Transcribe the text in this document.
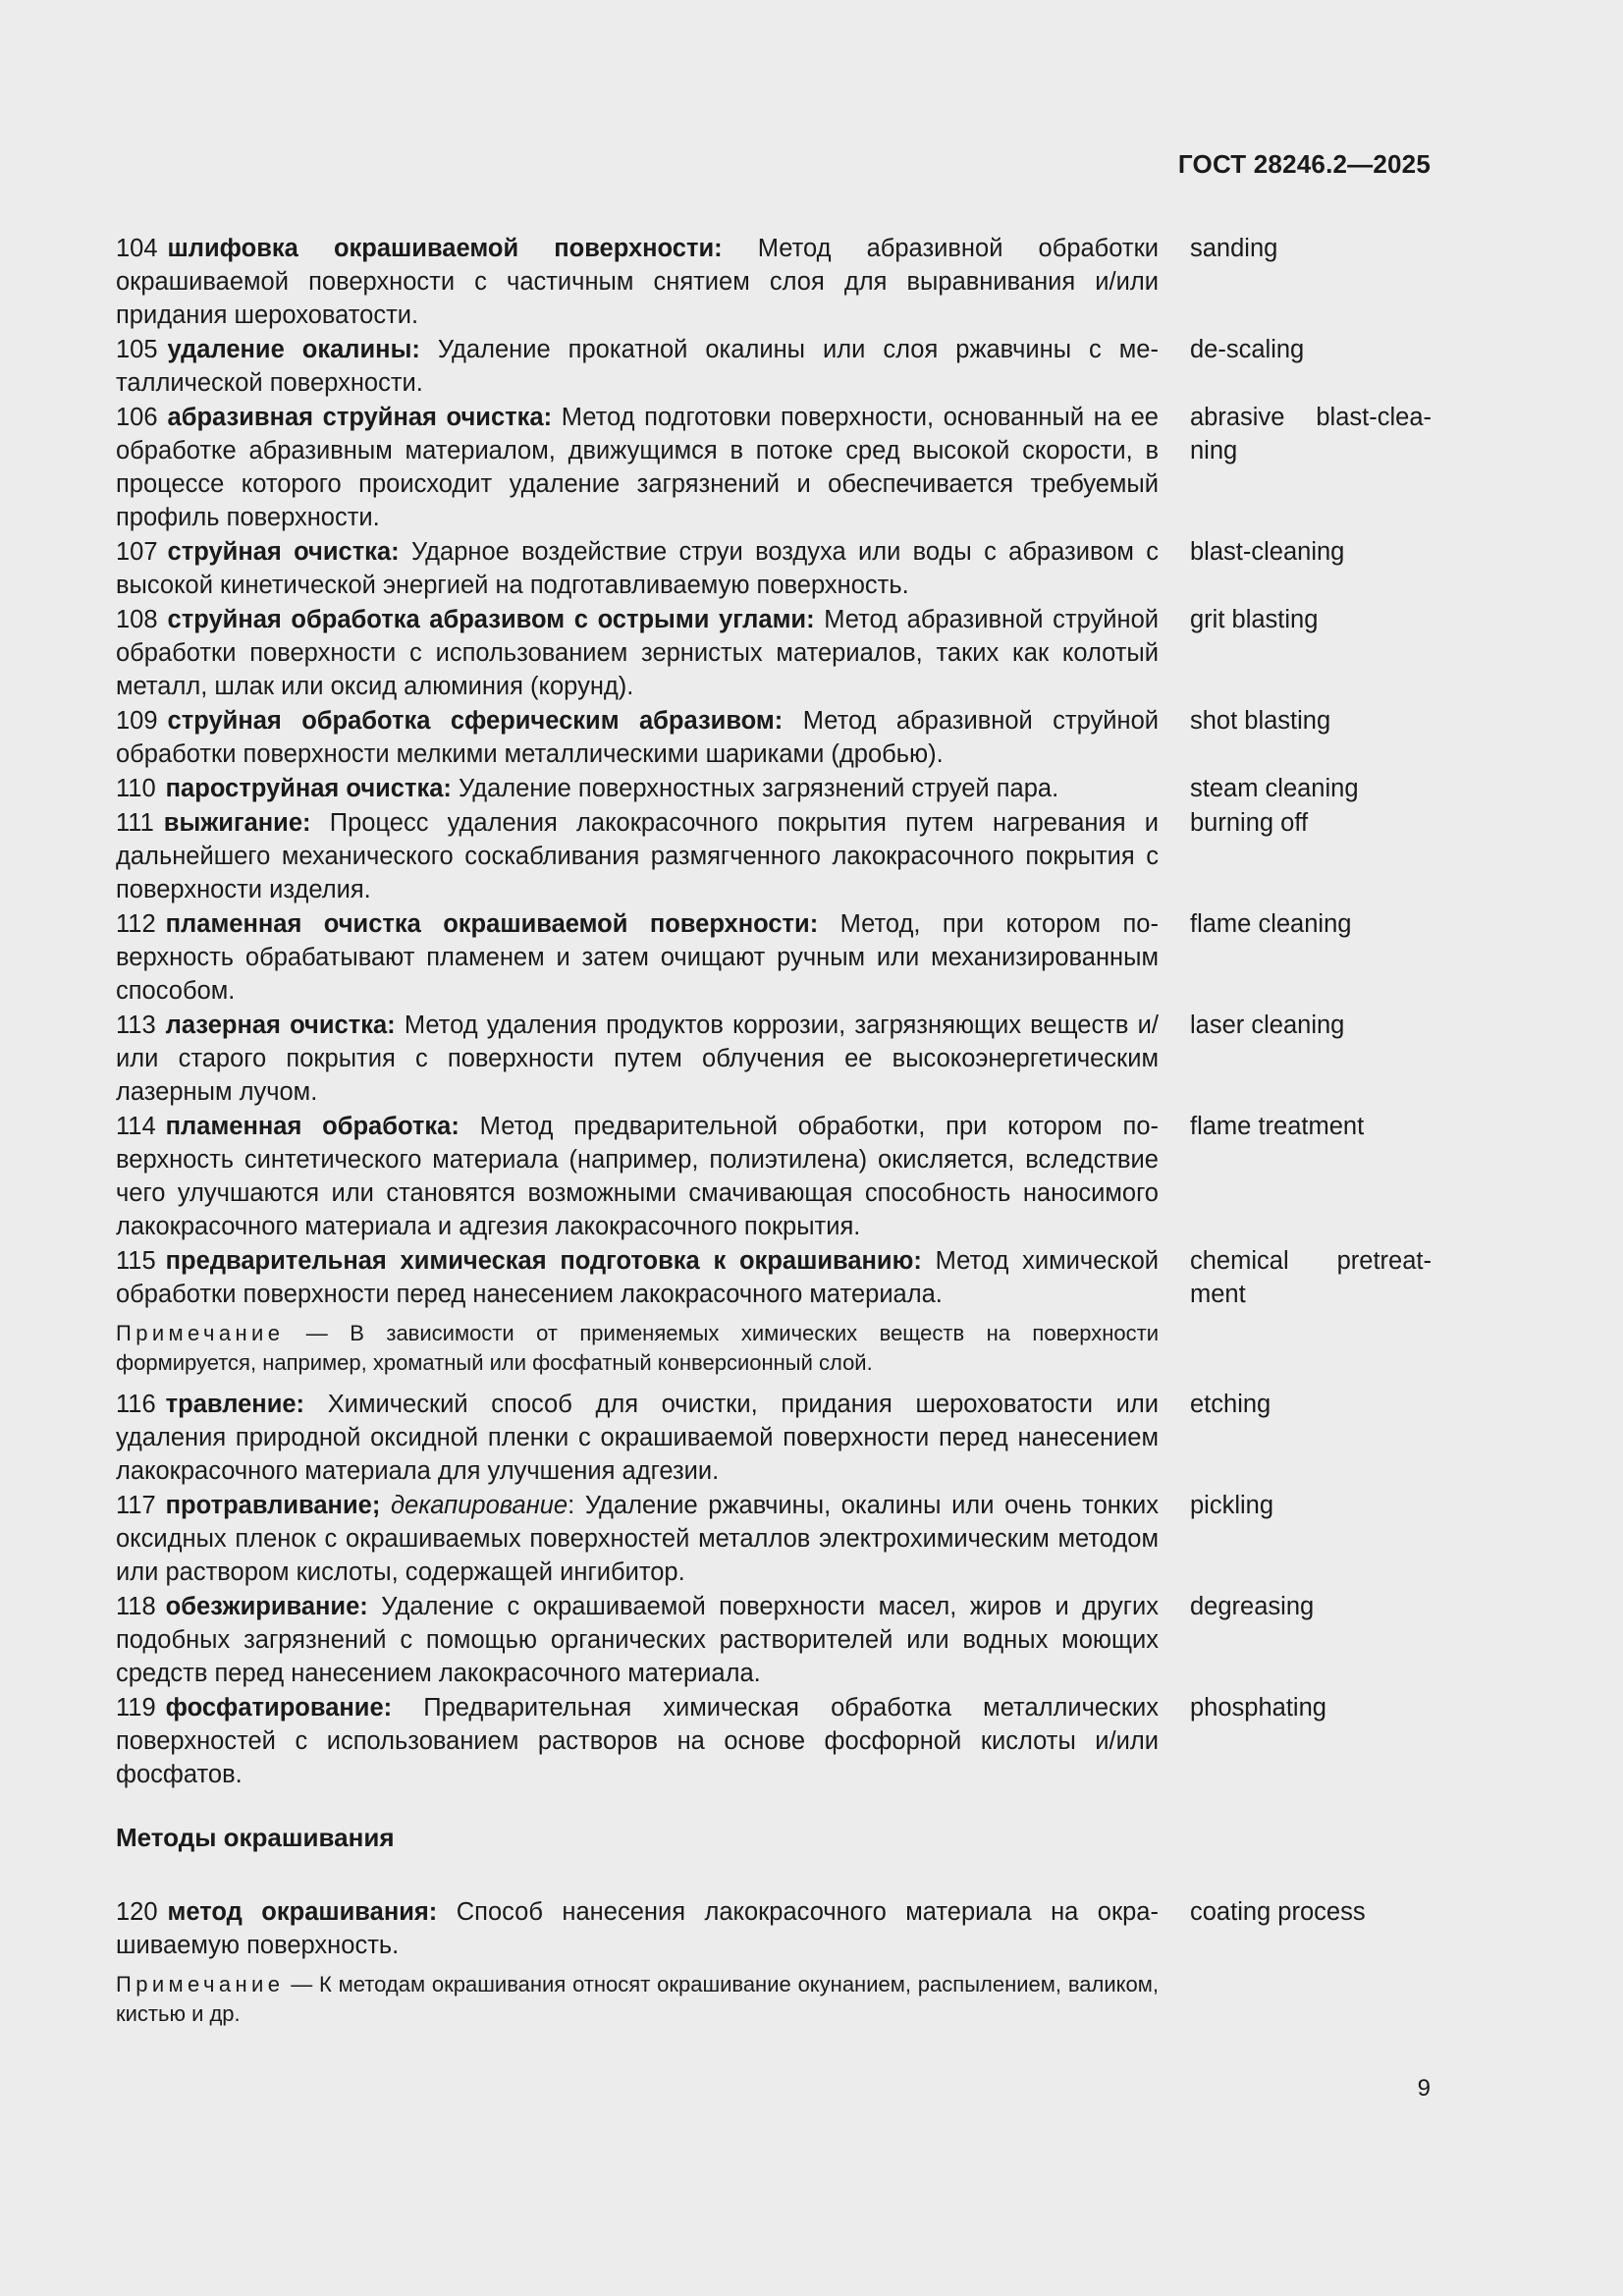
ГОСТ 28246.2—2025
104 шлифовка окрашиваемой поверхности: Метод абразивной обработки окрашиваемой поверхности с частичным снятием слоя для выравнивания и/или придания шероховатости.
sanding
105 удаление окалины: Удаление прокатной окалины или слоя ржавчины с металлической поверхности.
de-scaling
106 абразивная струйная очистка: Метод подготовки поверхности, основанный на ее обработке абразивным материалом, движущимся в потоке сред высокой скорости, в процессе которого происходит удаление загрязнений и обеспечивается требуемый профиль поверхности.
abrasive blast-cleaning
107 струйная очистка: Ударное воздействие струи воздуха или воды с абразивом с высокой кинетической энергией на подготавливаемую поверхность.
blast-cleaning
108 струйная обработка абразивом с острыми углами: Метод абразивной струйной обработки поверхности с использованием зернистых материалов, таких как колотый металл, шлак или оксид алюминия (корунд).
grit blasting
109 струйная обработка сферическим абразивом: Метод абразивной струйной обработки поверхности мелкими металлическими шариками (дробью).
shot blasting
110 пароструйная очистка: Удаление поверхностных загрязнений струей пара.	steam cleaning
111 выжигание: Процесс удаления лакокрасочного покрытия путем нагревания и дальнейшего механического соскабливания размягченного лакокрасочного покрытия с поверхности изделия.
burning off
112 пламенная очистка окрашиваемой поверхности: Метод, при котором поверхность обрабатывают пламенем и затем очищают ручным или механизированным способом.
flame cleaning
113 лазерная очистка: Метод удаления продуктов коррозии, загрязняющих веществ и/или старого покрытия с поверхности путем облучения ее высокоэнергетическим лазерным лучом.
laser cleaning
114 пламенная обработка: Метод предварительной обработки, при котором поверхность синтетического материала (например, полиэтилена) окисляется, вследствие чего улучшаются или становятся возможными смачивающая способность наносимого лакокрасочного материала и адгезия лакокрасочного покрытия.
flame treatment
115 предварительная химическая подготовка к окрашиванию: Метод химической обработки поверхности перед нанесением лакокрасочного материала.
chemical pretreatment
Примечание — В зависимости от применяемых химических веществ на поверхности формируется, например, хроматный или фосфатный конверсионный слой.
116 травление: Химический способ для очистки, придания шероховатости или удаления природной оксидной пленки с окрашиваемой поверхности перед нанесением лакокрасочного материала для улучшения адгезии.
etching
117 протравливание; декапирование: Удаление ржавчины, окалины или очень тонких оксидных пленок с окрашиваемых поверхностей металлов электрохимическим методом или раствором кислоты, содержащей ингибитор.
pickling
118 обезжиривание: Удаление с окрашиваемой поверхности масел, жиров и других подобных загрязнений с помощью органических растворителей или водных моющих средств перед нанесением лакокрасочного материала.
degreasing
119 фосфатирование: Предварительная химическая обработка металлических поверхностей с использованием растворов на основе фосфорной кислоты и/или фосфатов.
phosphating
Методы окрашивания
120 метод окрашивания: Способ нанесения лакокрасочного материала на окрашиваемую поверхность.
coating process
Примечание — К методам окрашивания относят окрашивание окунанием, распылением, валиком, кистью и др.
9
